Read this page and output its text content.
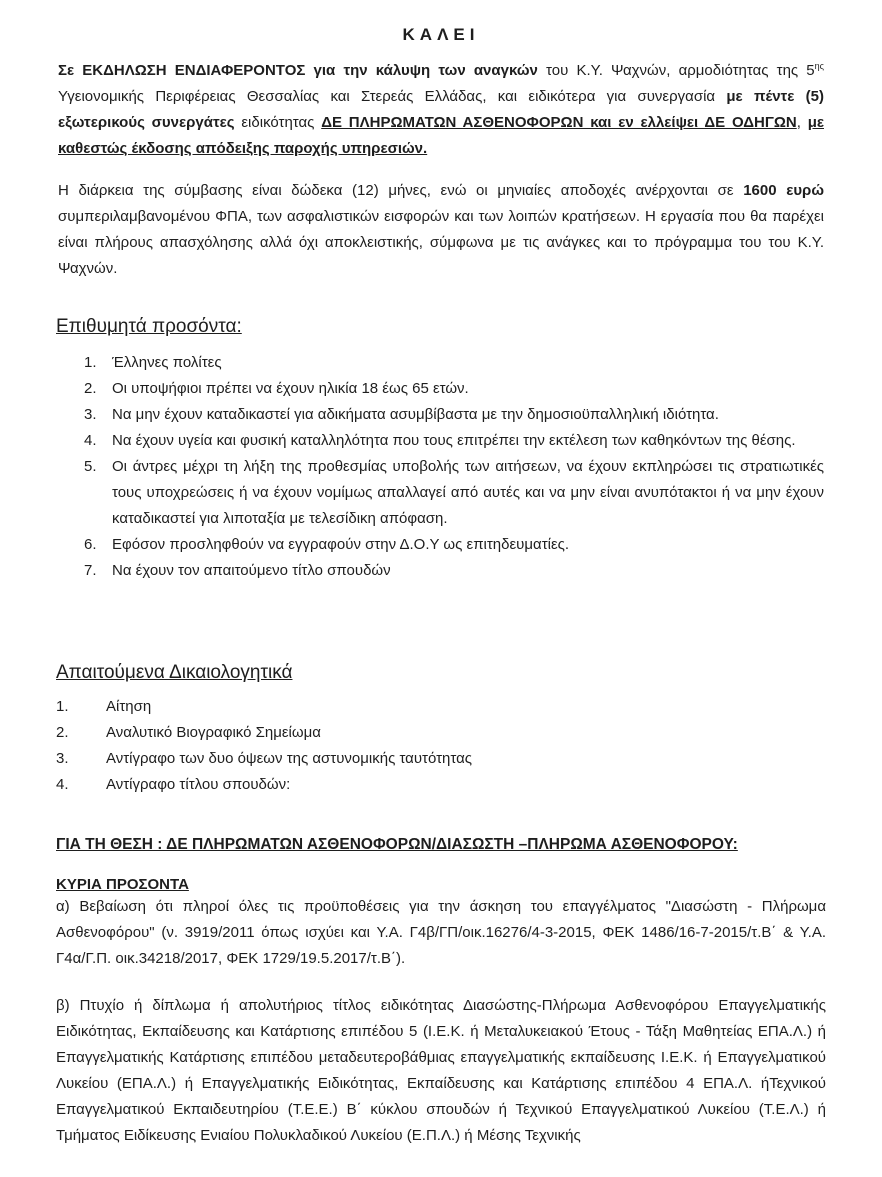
ΚΑΛΕΙ
Σε ΕΚΔΗΛΩΣΗ ΕΝΔΙΑΦΕΡΟΝΤΟΣ για την κάλυψη των αναγκών του Κ.Υ. Ψαχνών, αρμοδιότητας της $5^{\eta\varsigma}$ Υγειονομικής Περιφέρειας Θεσσαλίας και Στερεάς Ελλάδας, και ειδικότερα για συνεργασία με πέντε (5) εξωτερικούς συνεργάτες ειδικότητας ΔΕ ΠΛΗΡΩΜΑΤΩΝ ΑΣΘΕΝΟΦΟΡΩΝ και εν ελλείψει ΔΕ ΟΔΗΓΩΝ, με καθεστώς έκδοσης απόδειξης παροχής υπηρεσιών.
Η διάρκεια της σύμβασης είναι δώδεκα (12) μήνες, ενώ οι μηνιαίες αποδοχές ανέρχονται σε 1600 ευρώ συμπεριλαμβανομένου ΦΠΑ, των ασφαλιστικών εισφορών και των λοιπών κρατήσεων. Η εργασία που θα παρέχει είναι πλήρους απασχόλησης αλλά όχι αποκλειστικής, σύμφωνα με τις ανάγκες και το πρόγραμμα του του Κ.Υ. Ψαχνών.
Επιθυμητά προσόντα:
1. Έλληνες πολίτες
2. Οι υποψήφιοι πρέπει να έχουν ηλικία 18 έως 65 ετών.
3. Να μην έχουν καταδικαστεί για αδικήματα ασυμβίβαστα με την δημοσιοϋπαλληλική ιδιότητα.
4. Να έχουν υγεία και φυσική καταλληλότητα που τους επιτρέπει την εκτέλεση των καθηκόντων της θέσης.
5. Οι άντρες μέχρι τη λήξη της προθεσμίας υποβολής των αιτήσεων, να έχουν εκπληρώσει τις στρατιωτικές τους υποχρεώσεις ή να έχουν νομίμως απαλλαγεί από αυτές και να μην είναι ανυπότακτοι ή να μην έχουν καταδικαστεί για λιποταξία με τελεσίδικη απόφαση.
6. Εφόσον προσληφθούν να εγγραφούν στην Δ.Ο.Υ ως επιτηδευματίες.
7. Να έχουν τον απαιτούμενο τίτλο σπουδών
Απαιτούμενα Δικαιολογητικά
1. Αίτηση
2. Αναλυτικό Βιογραφικό Σημείωμα
3. Αντίγραφο των δυο όψεων της αστυνομικής ταυτότητας
4. Αντίγραφο τίτλου σπουδών:
ΓΙΑ ΤΗ ΘΕΣΗ : ΔΕ ΠΛΗΡΩΜΑΤΩΝ ΑΣΘΕΝΟΦΟΡΩΝ/ΔΙΑΣΩΣΤΗ –ΠΛΗΡΩΜΑ ΑΣΘΕΝΟΦΟΡΟΥ:
ΚΥΡΙΑ ΠΡΟΣΟΝΤΑ
α) Βεβαίωση ότι πληροί όλες τις προϋποθέσεις για την άσκηση του επαγγέλματος "Διασώστη - Πλήρωμα Ασθενοφόρου" (ν. 3919/2011 όπως ισχύει και Υ.Α. Γ4β/ΓΠ/οικ.16276/4-3-2015, ΦΕΚ 1486/16-7-2015/τ.Β΄ & Υ.Α. Γ4α/Γ.Π. οικ.34218/2017, ΦΕΚ 1729/19.5.2017/τ.Β΄).
β) Πτυχίο ή δίπλωμα ή απολυτήριος τίτλος ειδικότητας Διασώστης-Πλήρωμα Ασθενοφόρου Επαγγελματικής Ειδικότητας, Εκπαίδευσης και Κατάρτισης επιπέδου 5 (Ι.Ε.Κ. ή Μεταλυκειακού Έτους - Τάξη Μαθητείας ΕΠΑ.Λ.) ή Επαγγελματικής Κατάρτισης επιπέδου μεταδευτεροβάθμιας επαγγελματικής εκπαίδευσης Ι.Ε.Κ. ή Επαγγελματικού Λυκείου (ΕΠΑ.Λ.) ή Επαγγελματικής Ειδικότητας, Εκπαίδευσης και Κατάρτισης επιπέδου 4 ΕΠΑ.Λ. ήΤεχνικού Επαγγελματικού Εκπαιδευτηρίου (Τ.Ε.Ε.) Β΄ κύκλου σπουδών ή Τεχνικού Επαγγελματικού Λυκείου (Τ.Ε.Λ.) ή Τμήματος Ειδίκευσης Ενιαίου Πολυκλαδικού Λυκείου (Ε.Π.Λ.) ή Μέσης Τεχνικής
